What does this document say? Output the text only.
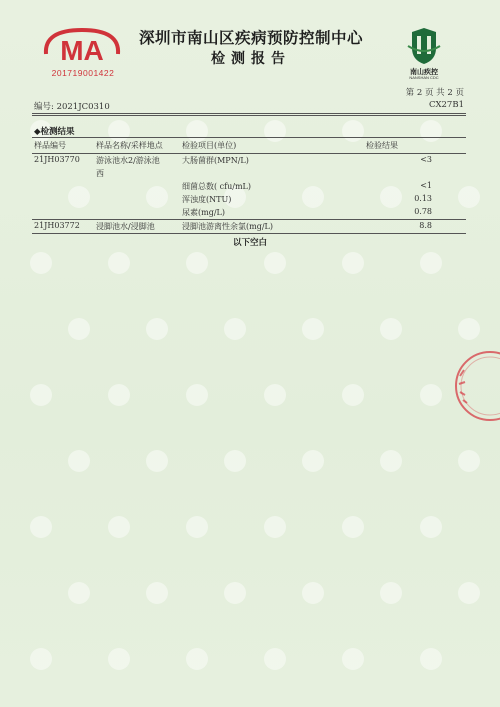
MA
201719001422
深圳市南山区疾病预防控制中心
检测报告
南山疾控
NANSHAN CDC
第 2 页 共 2 页
编号: 2021JC0310	CX27B1
◆检测结果
样品编号	样品名称/采样地点	检验项目(单位)	检验结果
21JH03770	游泳池水2/游泳池	大肠菌群(MPN/L)	<3
	西		
		细菌总数( cfu/mL)	<1
		浑浊度(NTU)	0.13
		尿素(mg/L)	0.78
21JH03772	浸脚池水/浸脚池	浸脚池游离性余氯(mg/L)	8.8
以下空白
